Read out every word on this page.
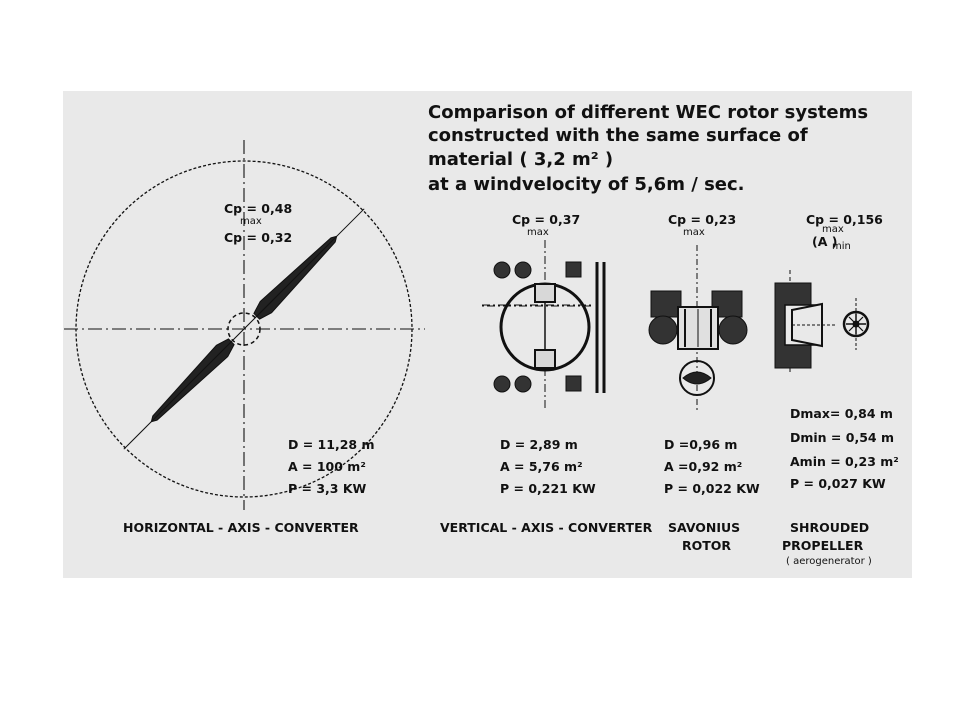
Comparison of different WEC rotor systems
constructed with the same surface of
material ( 3,2 m² )
at a windvelocity of 5,6m / sec.
Cp = 0,48
max
Cp = 0,32
D = 11,28 m
A = 100 m²
P = 3,3 KW
HORIZONTAL - AXIS - CONVERTER
Cp = 0,37
max
D = 2,89 m
A = 5,76 m²
P = 0,221 KW
VERTICAL - AXIS - CONVERTER
Cp = 0,23
max
D =0,96 m
A =0,92 m²
P = 0,022 KW
SAVONIUS
ROTOR
Cp = 0,156
max
(A )
min
Dmax= 0,84 m
Dmin = 0,54 m
Amin = 0,23 m²
P = 0,027 KW
SHROUDED
PROPELLER
( aerogenerator )
